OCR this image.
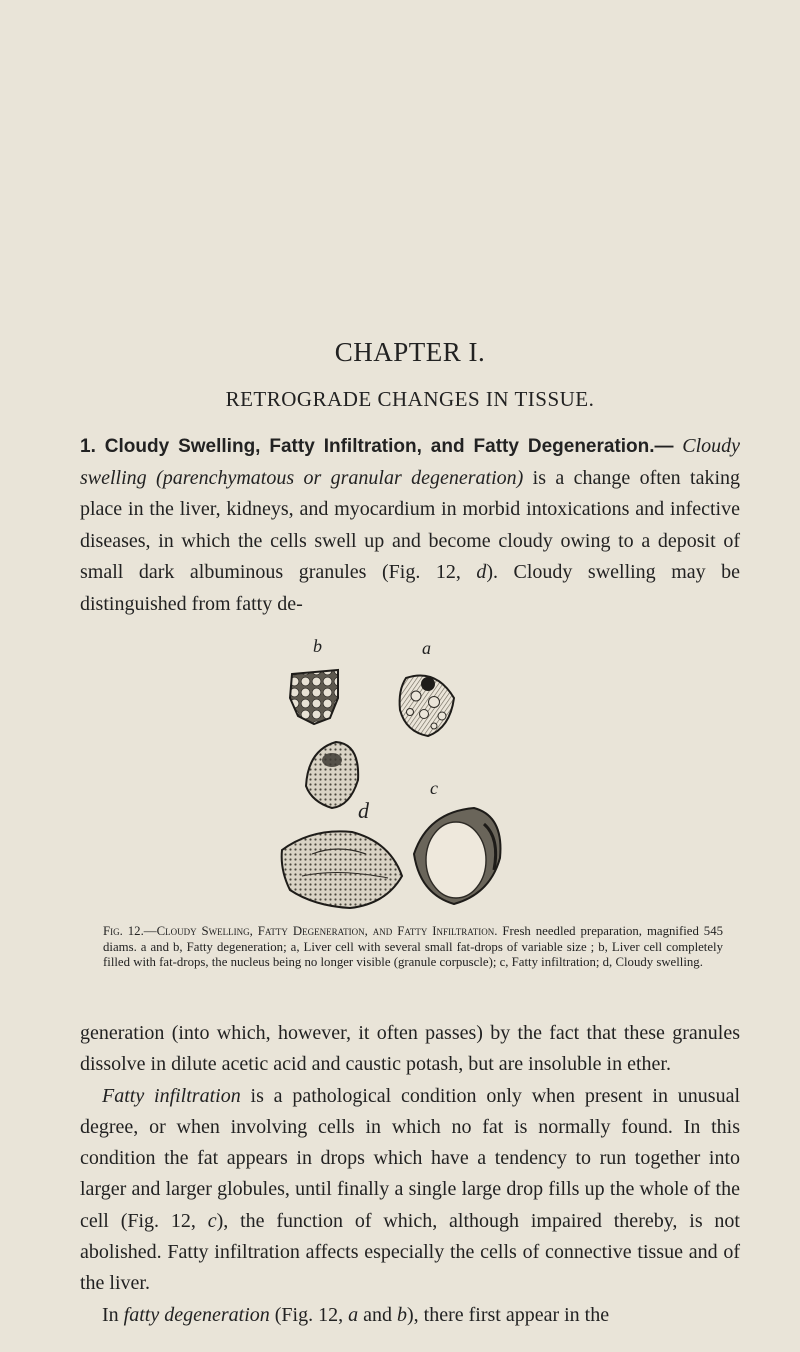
CHAPTER I.
RETROGRADE CHANGES IN TISSUE.

1. Cloudy Swelling, Fatty Infiltration, and Fatty Degeneration.— Cloudy swelling (parenchymatous or granular degeneration) is a change often taking place in the liver, kidneys, and myocardium in morbid intoxications and infective diseases, in which the cells swell up and become cloudy owing to a deposit of small dark albuminous granules (Fig. 12, d). Cloudy swelling may be distinguished from fatty de-

b	a
c
d

Fig. 12.—Cloudy Swelling, Fatty Degeneration, and Fatty Infiltration. Fresh needled preparation, magnified 545 diams. a and b, Fatty degeneration; a, Liver cell with several small fat-drops of variable size ; b, Liver cell completely filled with fat-drops, the nucleus being no longer visible (granule corpuscle); c, Fatty infiltration; d, Cloudy swelling.

generation (into which, however, it often passes) by the fact that these granules dissolve in dilute acetic acid and caustic potash, but are insoluble in ether.

Fatty infiltration is a pathological condition only when present in unusual degree, or when involving cells in which no fat is normally found. In this condition the fat appears in drops which have a tendency to run together into larger and larger globules, until finally a single large drop fills up the whole of the cell (Fig. 12, c), the function of which, although impaired thereby, is not abolished. Fatty infiltration affects especially the cells of connective tissue and of the liver.

In fatty degeneration (Fig. 12, a and b), there first appear in the
